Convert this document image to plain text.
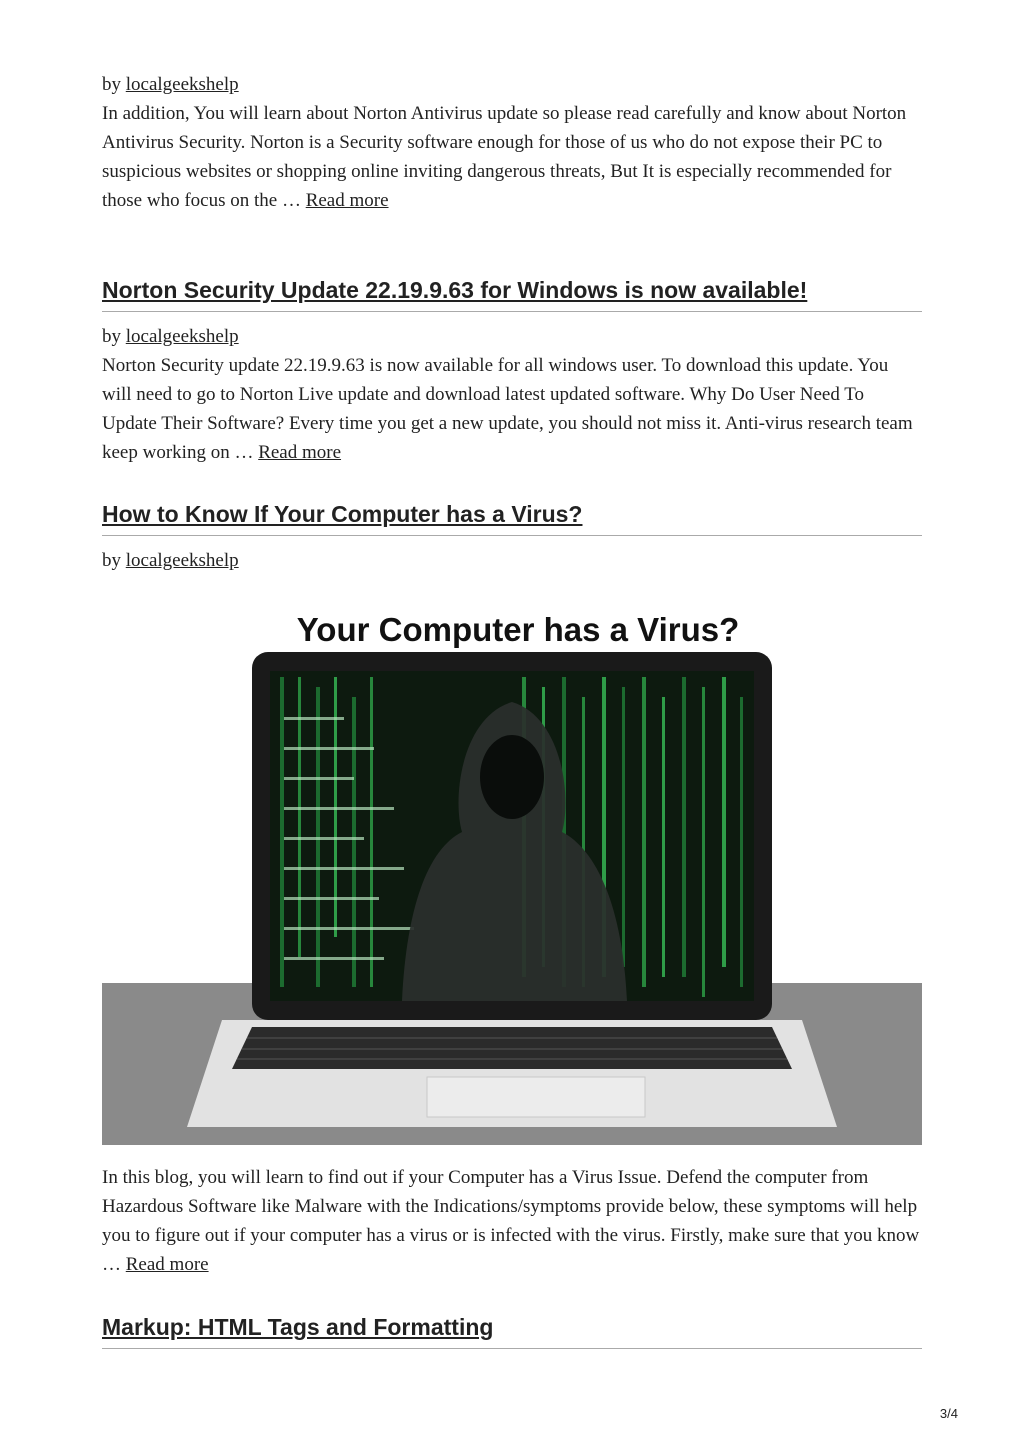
by localgeekshelp

In addition, You will learn about Norton Antivirus update so please read carefully and know about Norton Antivirus Security. Norton is a Security software enough for those of us who do not expose their PC to suspicious websites or shopping online inviting dangerous threats, But It is especially recommended for those who focus on the … Read more

Norton Security Update 22.19.9.63 for Windows is now available!

by localgeekshelp

Norton Security update 22.19.9.63 is now available for all windows user. To download this update. You will need to go to Norton Live update and download latest updated software. Why Do User Need To Update Their Software? Every time you get a new update, you should not miss it. Anti-virus research team keep working on … Read more

How to Know If Your Computer has a Virus?

by localgeekshelp

Your Computer has a Virus?

In this blog, you will learn to find out if your Computer has a Virus Issue. Defend the computer from Hazardous Software like Malware with the Indications/symptoms provide below, these symptoms will help you to figure out if your computer has a virus or is infected with the virus. Firstly, make sure that you know … Read more

Markup: HTML Tags and Formatting
3/4
